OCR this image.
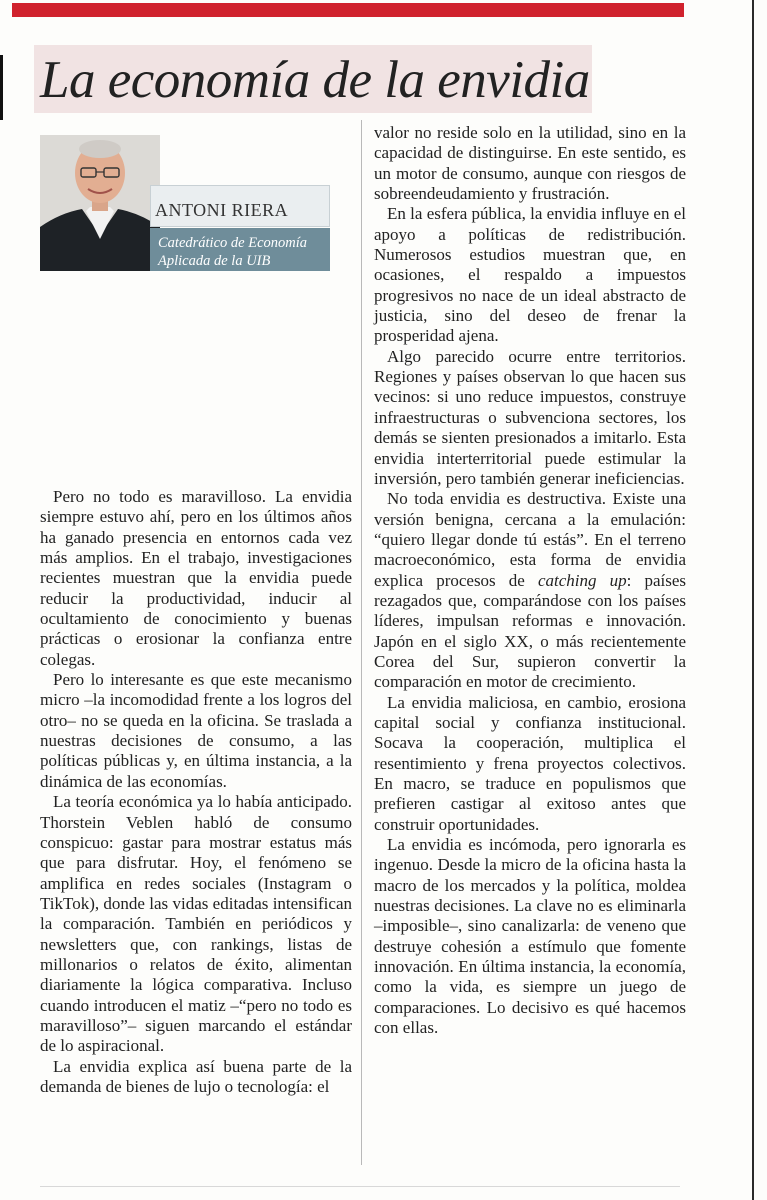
La economía de la envidia
ANTONI RIERA
Catedrático de Economía Aplicada de la UIB

Pero no todo es maravilloso. La envidia siempre estuvo ahí, pero en los últimos años ha ganado presencia en entornos cada vez más amplios. En el trabajo, investigaciones recientes muestran que la envidia puede reducir la productividad, inducir al ocultamiento de conocimiento y buenas prácticas o erosionar la confianza entre colegas.

Pero lo interesante es que este mecanismo micro –la incomodidad frente a los logros del otro– no se queda en la oficina. Se traslada a nuestras decisiones de consumo, a las políticas públicas y, en última instancia, a la dinámica de las economías.

La teoría económica ya lo había anticipado. Thorstein Veblen habló de consumo conspicuo: gastar para mostrar estatus más que para disfrutar. Hoy, el fenómeno se amplifica en redes sociales (Instagram o TikTok), donde las vidas editadas intensifican la comparación. También en periódicos y newsletters que, con rankings, listas de millonarios o relatos de éxito, alimentan diariamente la lógica comparativa. Incluso cuando introducen el matiz –“pero no todo es maravilloso”– siguen marcando el estándar de lo aspiracional.

La envidia explica así buena parte de la demanda de bienes de lujo o tecnología: el

valor no reside solo en la utilidad, sino en la capacidad de distinguirse. En este sentido, es un motor de consumo, aunque con riesgos de sobreendeudamiento y frustración.

En la esfera pública, la envidia influye en el apoyo a políticas de redistribución. Numerosos estudios muestran que, en ocasiones, el respaldo a impuestos progresivos no nace de un ideal abstracto de justicia, sino del deseo de frenar la prosperidad ajena.

Algo parecido ocurre entre territorios. Regiones y países observan lo que hacen sus vecinos: si uno reduce impuestos, construye infraestructuras o subvenciona sectores, los demás se sienten presionados a imitarlo. Esta envidia interterritorial puede estimular la inversión, pero también generar ineficiencias.

No toda envidia es destructiva. Existe una versión benigna, cercana a la emulación: “quiero llegar donde tú estás”. En el terreno macroeconómico, esta forma de envidia explica procesos de catching up: países rezagados que, comparándose con los países líderes, impulsan reformas e innovación. Japón en el siglo XX, o más recientemente Corea del Sur, supieron convertir la comparación en motor de crecimiento.

La envidia maliciosa, en cambio, erosiona capital social y confianza institucional. Socava la cooperación, multiplica el resentimiento y frena proyectos colectivos. En macro, se traduce en populismos que prefieren castigar al exitoso antes que construir oportunidades.

La envidia es incómoda, pero ignorarla es ingenuo. Desde la micro de la oficina hasta la macro de los mercados y la política, moldea nuestras decisiones. La clave no es eliminarla –imposible–, sino canalizarla: de veneno que destruye cohesión a estímulo que fomente innovación. En última instancia, la economía, como la vida, es siempre un juego de comparaciones. Lo decisivo es qué hacemos con ellas.
